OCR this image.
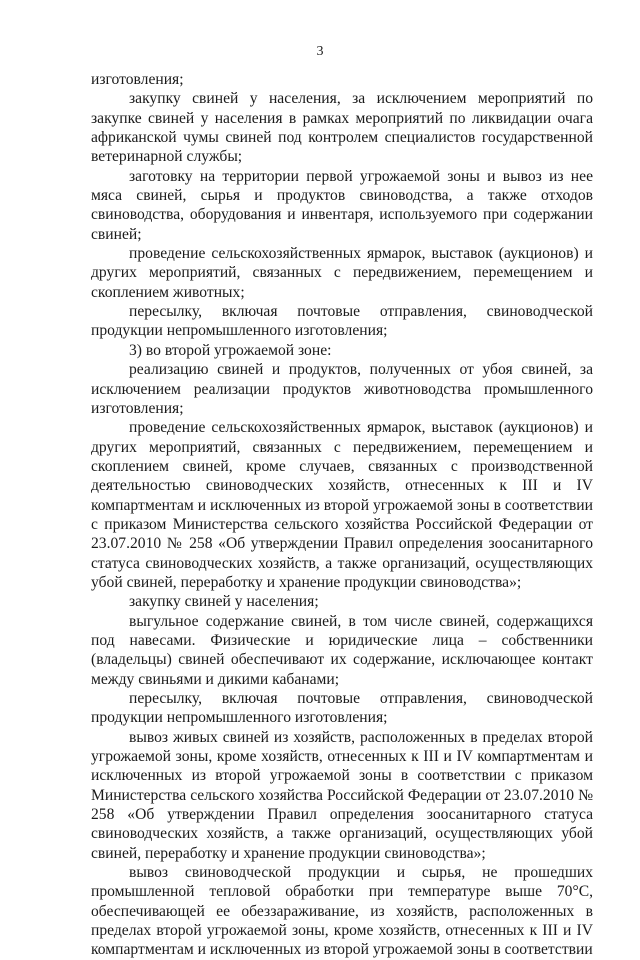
3

изготовления;

закупку свиней у населения, за исключением мероприятий по закупке свиней у населения в рамках мероприятий по ликвидации очага африканской чумы свиней под контролем специалистов государственной ветеринарной службы;

заготовку на территории первой угрожаемой зоны и вывоз из нее мяса свиней, сырья и продуктов свиноводства, а также отходов свиноводства, оборудования и инвентаря, используемого при содержании свиней;

проведение сельскохозяйственных ярмарок, выставок (аукционов) и других мероприятий, связанных с передвижением, перемещением и скоплением животных;

пересылку, включая почтовые отправления, свиноводческой продукции непромышленного изготовления;

3) во второй угрожаемой зоне:

реализацию свиней и продуктов, полученных от убоя свиней, за исключением реализации продуктов животноводства промышленного изготовления;

проведение сельскохозяйственных ярмарок, выставок (аукционов) и других мероприятий, связанных с передвижением, перемещением и скоплением свиней, кроме случаев, связанных с производственной деятельностью свиноводческих хозяйств, отнесенных к III и IV компартментам и исключенных из второй угрожаемой зоны в соответствии с приказом Министерства сельского хозяйства Российской Федерации от 23.07.2010 № 258 «Об утверждении Правил определения зоосанитарного статуса свиноводческих хозяйств, а также организаций, осуществляющих убой свиней, переработку и хранение продукции свиноводства»;

закупку свиней у населения;

выгульное содержание свиней, в том числе свиней, содержащихся под навесами. Физические и юридические лица – собственники (владельцы) свиней обеспечивают их содержание, исключающее контакт между свиньями и дикими кабанами;

пересылку, включая почтовые отправления, свиноводческой продукции непромышленного изготовления;

вывоз живых свиней из хозяйств, расположенных в пределах второй угрожаемой зоны, кроме хозяйств, отнесенных к III и IV компартментам и исключенных из второй угрожаемой зоны в соответствии с приказом Министерства сельского хозяйства Российской Федерации от 23.07.2010 № 258 «Об утверждении Правил определения зоосанитарного статуса свиноводческих хозяйств, а также организаций, осуществляющих убой свиней, переработку и хранение продукции свиноводства»;

вывоз свиноводческой продукции и сырья, не прошедших промышленной тепловой обработки при температуре выше 70°С, обеспечивающей ее обеззараживание, из хозяйств, расположенных в пределах второй угрожаемой зоны, кроме хозяйств, отнесенных к III и IV компартментам и исключенных из второй угрожаемой зоны в соответствии
